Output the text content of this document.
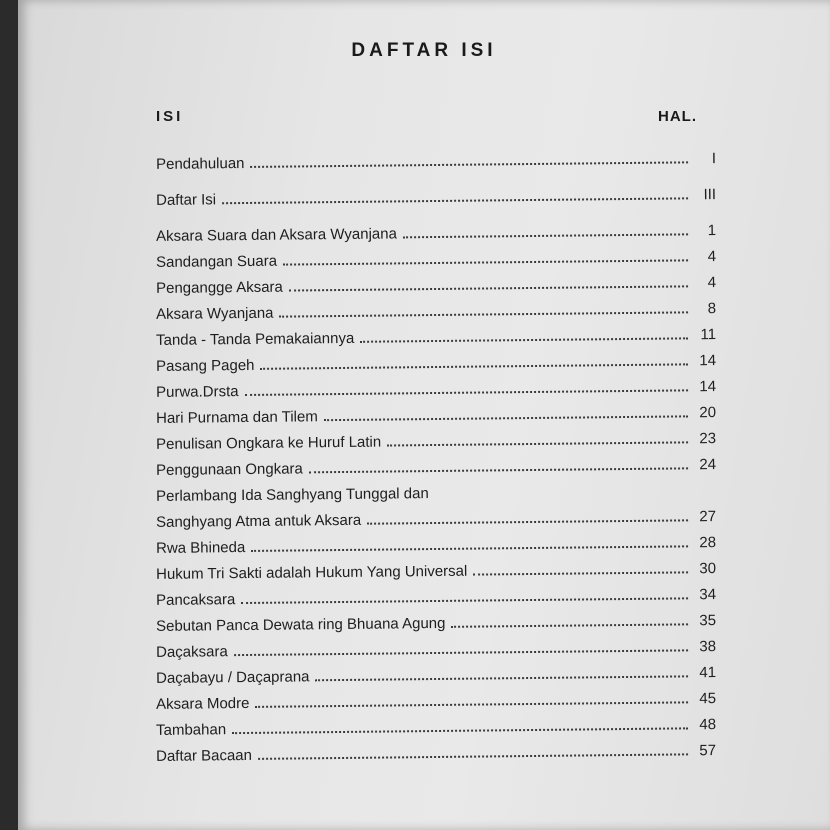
DAFTAR ISI
ISI	HAL.
Pendahuluan	I
Daftar Isi	III
Aksara Suara dan Aksara Wyanjana	1
Sandangan Suara	4
Pengangge Aksara	4
Aksara Wyanjana	8
Tanda - Tanda Pemakaiannya	11
Pasang Pageh	14
Purwa.Drsta	14
Hari Purnama dan Tilem	20
Penulisan Ongkara ke Huruf Latin	23
Penggunaan Ongkara	24
Perlambang Ida Sanghyang Tunggal dan
Sanghyang Atma antuk Aksara	27
Rwa Bhineda	28
Hukum Tri Sakti adalah Hukum Yang Universal	30
Pancaksara	34
Sebutan Panca Dewata ring Bhuana Agung	35
Daçaksara	38
Daçabayu / Daçaprana	41
Aksara Modre	45
Tambahan	48
Daftar Bacaan	57
